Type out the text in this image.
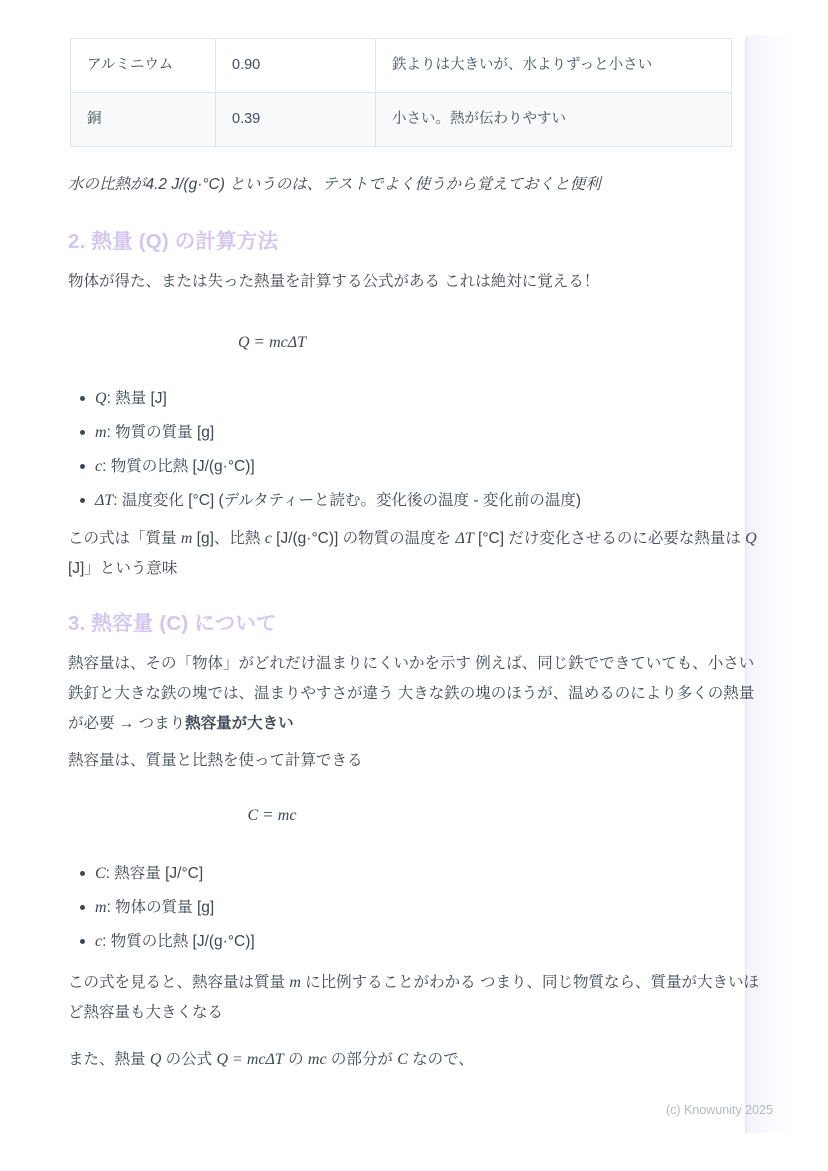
アルミニウム	0.90	鉄よりは大きいが、水よりずっと小さい
銅	0.39	小さい。熱が伝わりやすい

水の比熱が4.2 J/(g·°C) というのは、テストでよく使うから覚えておくと便利

2. 熱量 (Q) の計算方法

物体が得た、または失った熱量を計算する公式がある これは絶対に覚える！

Q = mcΔT
Q: 熱量 [J]
m: 物質の質量 [g]
c: 物質の比熱 [J/(g·°C)]
ΔT: 温度変化 [°C] (デルタティーと読む。変化後の温度 - 変化前の温度)

この式は「質量 m [g]、比熱 c [J/(g·°C)] の物質の温度を ΔT [°C] だけ変化させるのに必要な熱量は Q [J]」という意味

3. 熱容量 (C) について

熱容量は、その「物体」がどれだけ温まりにくいかを示す 例えば、同じ鉄でできていても、小さい鉄釘と大きな鉄の塊では、温まりやすさが違う 大きな鉄の塊のほうが、温めるのにより多くの熱量が必要 → つまり熱容量が大きい

熱容量は、質量と比熱を使って計算できる

C = mc
C: 熱容量 [J/°C]
m: 物体の質量 [g]
c: 物質の比熱 [J/(g·°C)]

この式を見ると、熱容量は質量 m に比例することがわかる つまり、同じ物質なら、質量が大きいほど熱容量も大きくなる

また、熱量 Q の公式 Q = mcΔT の mc の部分が C なので、

(c) Knowunity 2025
